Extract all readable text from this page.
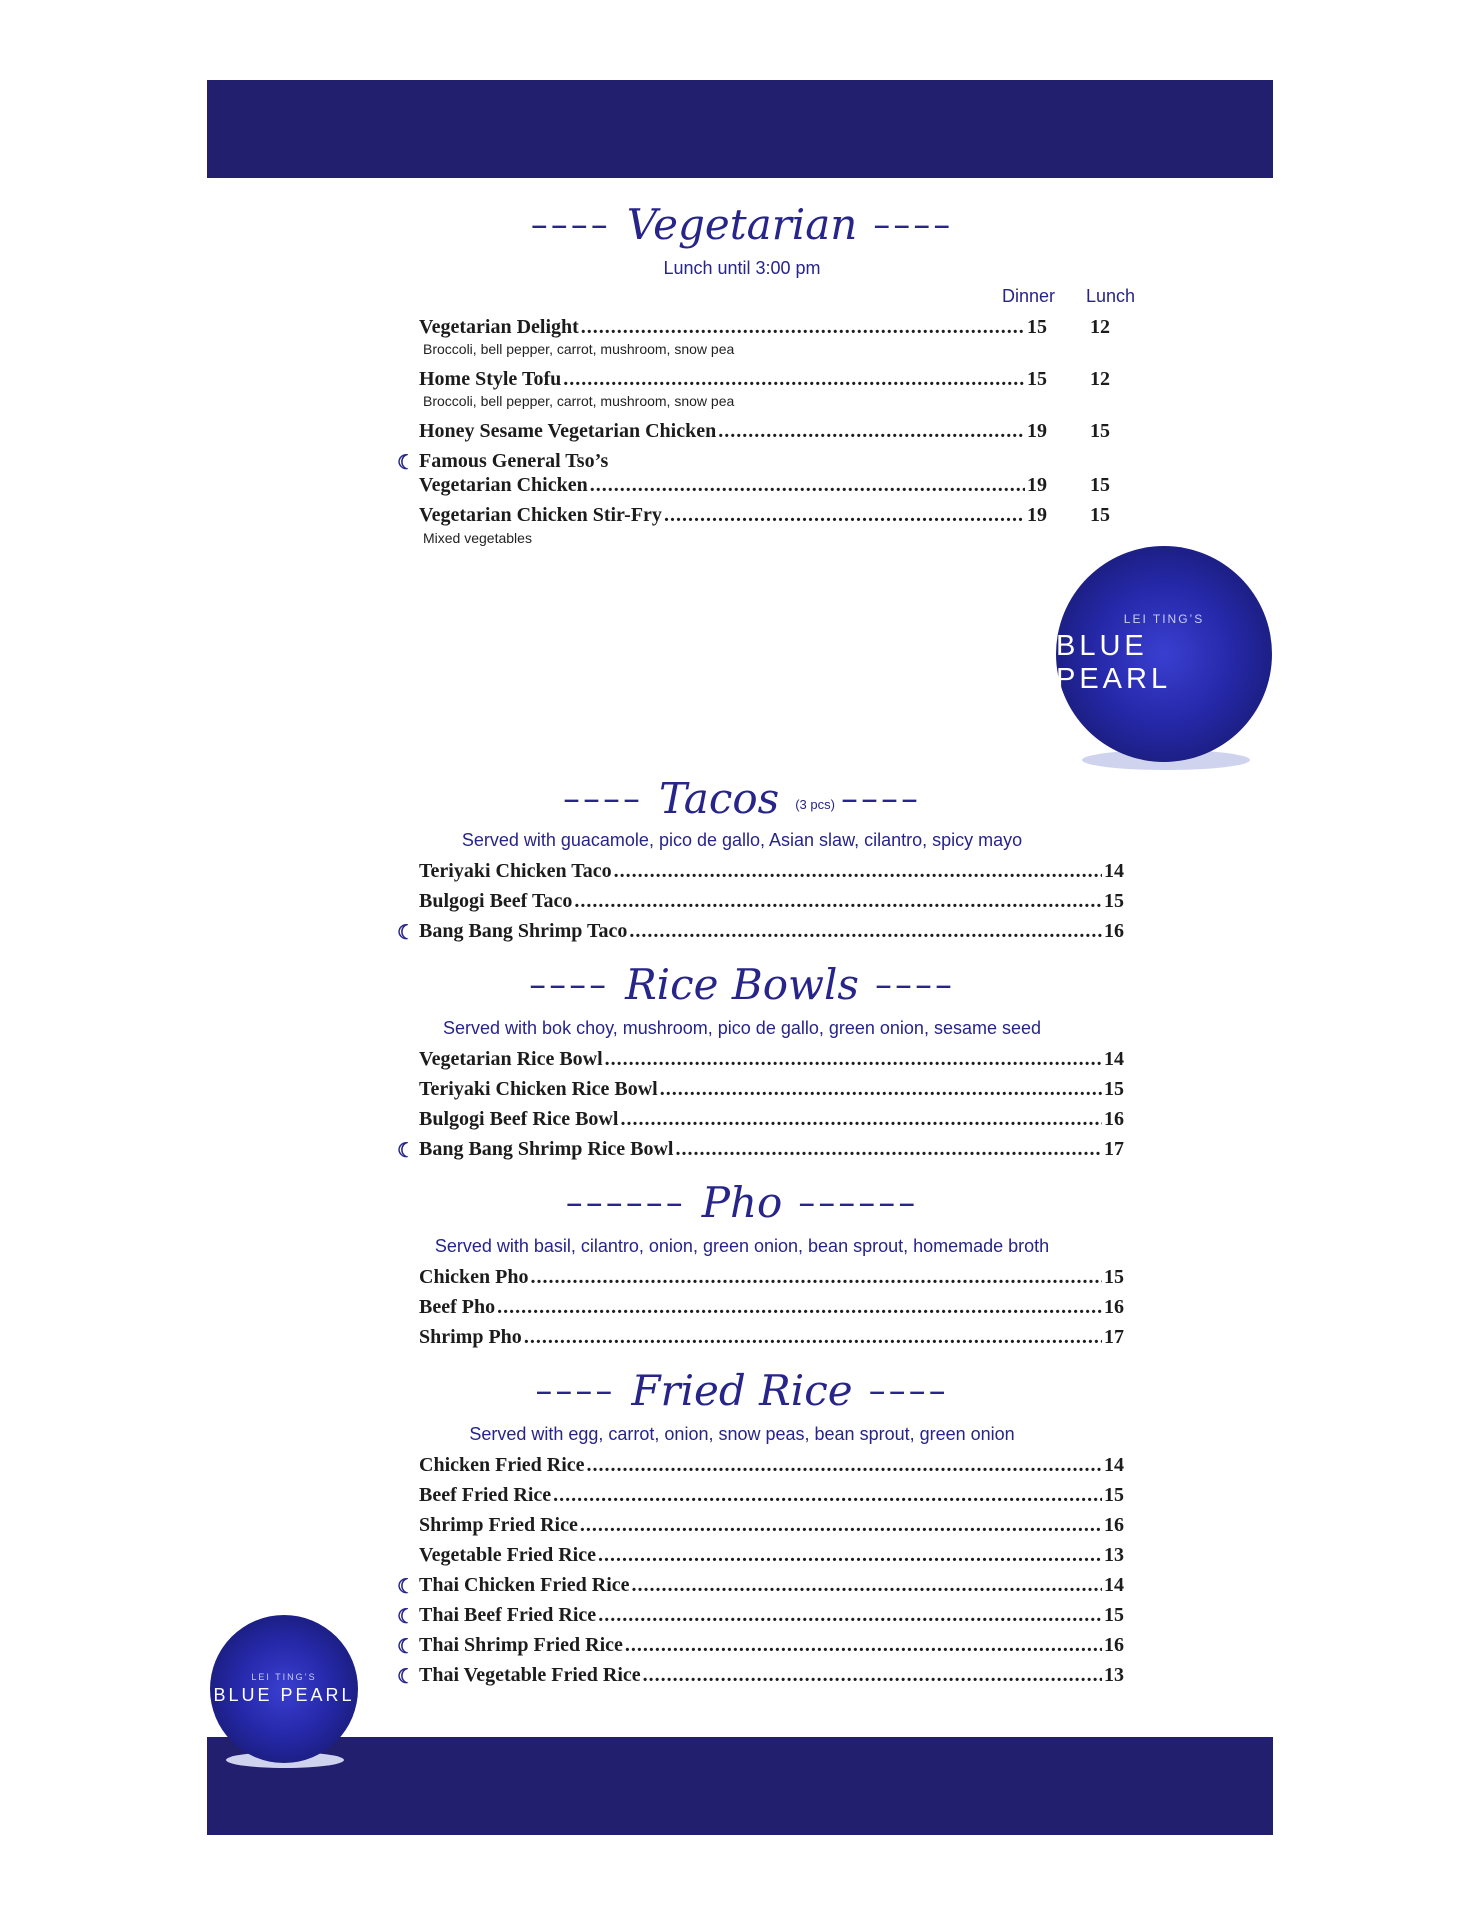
–––– Vegetarian ––––
Lunch until 3:00 pm
Dinner Lunch
Vegetarian Delight .....	15 12
Broccoli, bell pepper, carrot, mushroom, snow pea
Home Style Tofu .....	15 12
Broccoli, bell pepper, carrot, mushroom, snow pea
Honey Sesame Vegetarian Chicken .....	19 15
☾ Famous General Tso’s
Vegetarian Chicken .....	19 15
Vegetarian Chicken Stir-Fry .....	19 15
Mixed vegetables
LEI TING’S
BLUE PEARL
–––– Tacos (3 pcs) ––––
Served with guacamole, pico de gallo, Asian slaw, cilantro, spicy mayo
Teriyaki Chicken Taco .....	14
Bulgogi Beef Taco .....	15
☾ Bang Bang Shrimp Taco .....	16
–––– Rice Bowls ––––
Served with bok choy, mushroom, pico de gallo, green onion, sesame seed
Vegetarian Rice Bowl .....	14
Teriyaki Chicken Rice Bowl .....	15
Bulgogi Beef Rice Bowl .....	16
☾ Bang Bang Shrimp Rice Bowl .....	17
–––––– Pho ––––––
Served with basil, cilantro, onion, green onion, bean sprout, homemade broth
Chicken Pho .....	15
Beef Pho .....	16
Shrimp Pho .....	17
–––– Fried Rice ––––
Served with egg, carrot, onion, snow peas, bean sprout, green onion
Chicken Fried Rice .....	14
Beef Fried Rice .....	15
Shrimp Fried Rice .....	16
Vegetable Fried Rice .....	13
☾ Thai Chicken Fried Rice .....	14
☾ Thai Beef Fried Rice .....	15
☾ Thai Shrimp Fried Rice .....	16
☾ Thai Vegetable Fried Rice .....	13
LEI TING’S
BLUE PEARL
